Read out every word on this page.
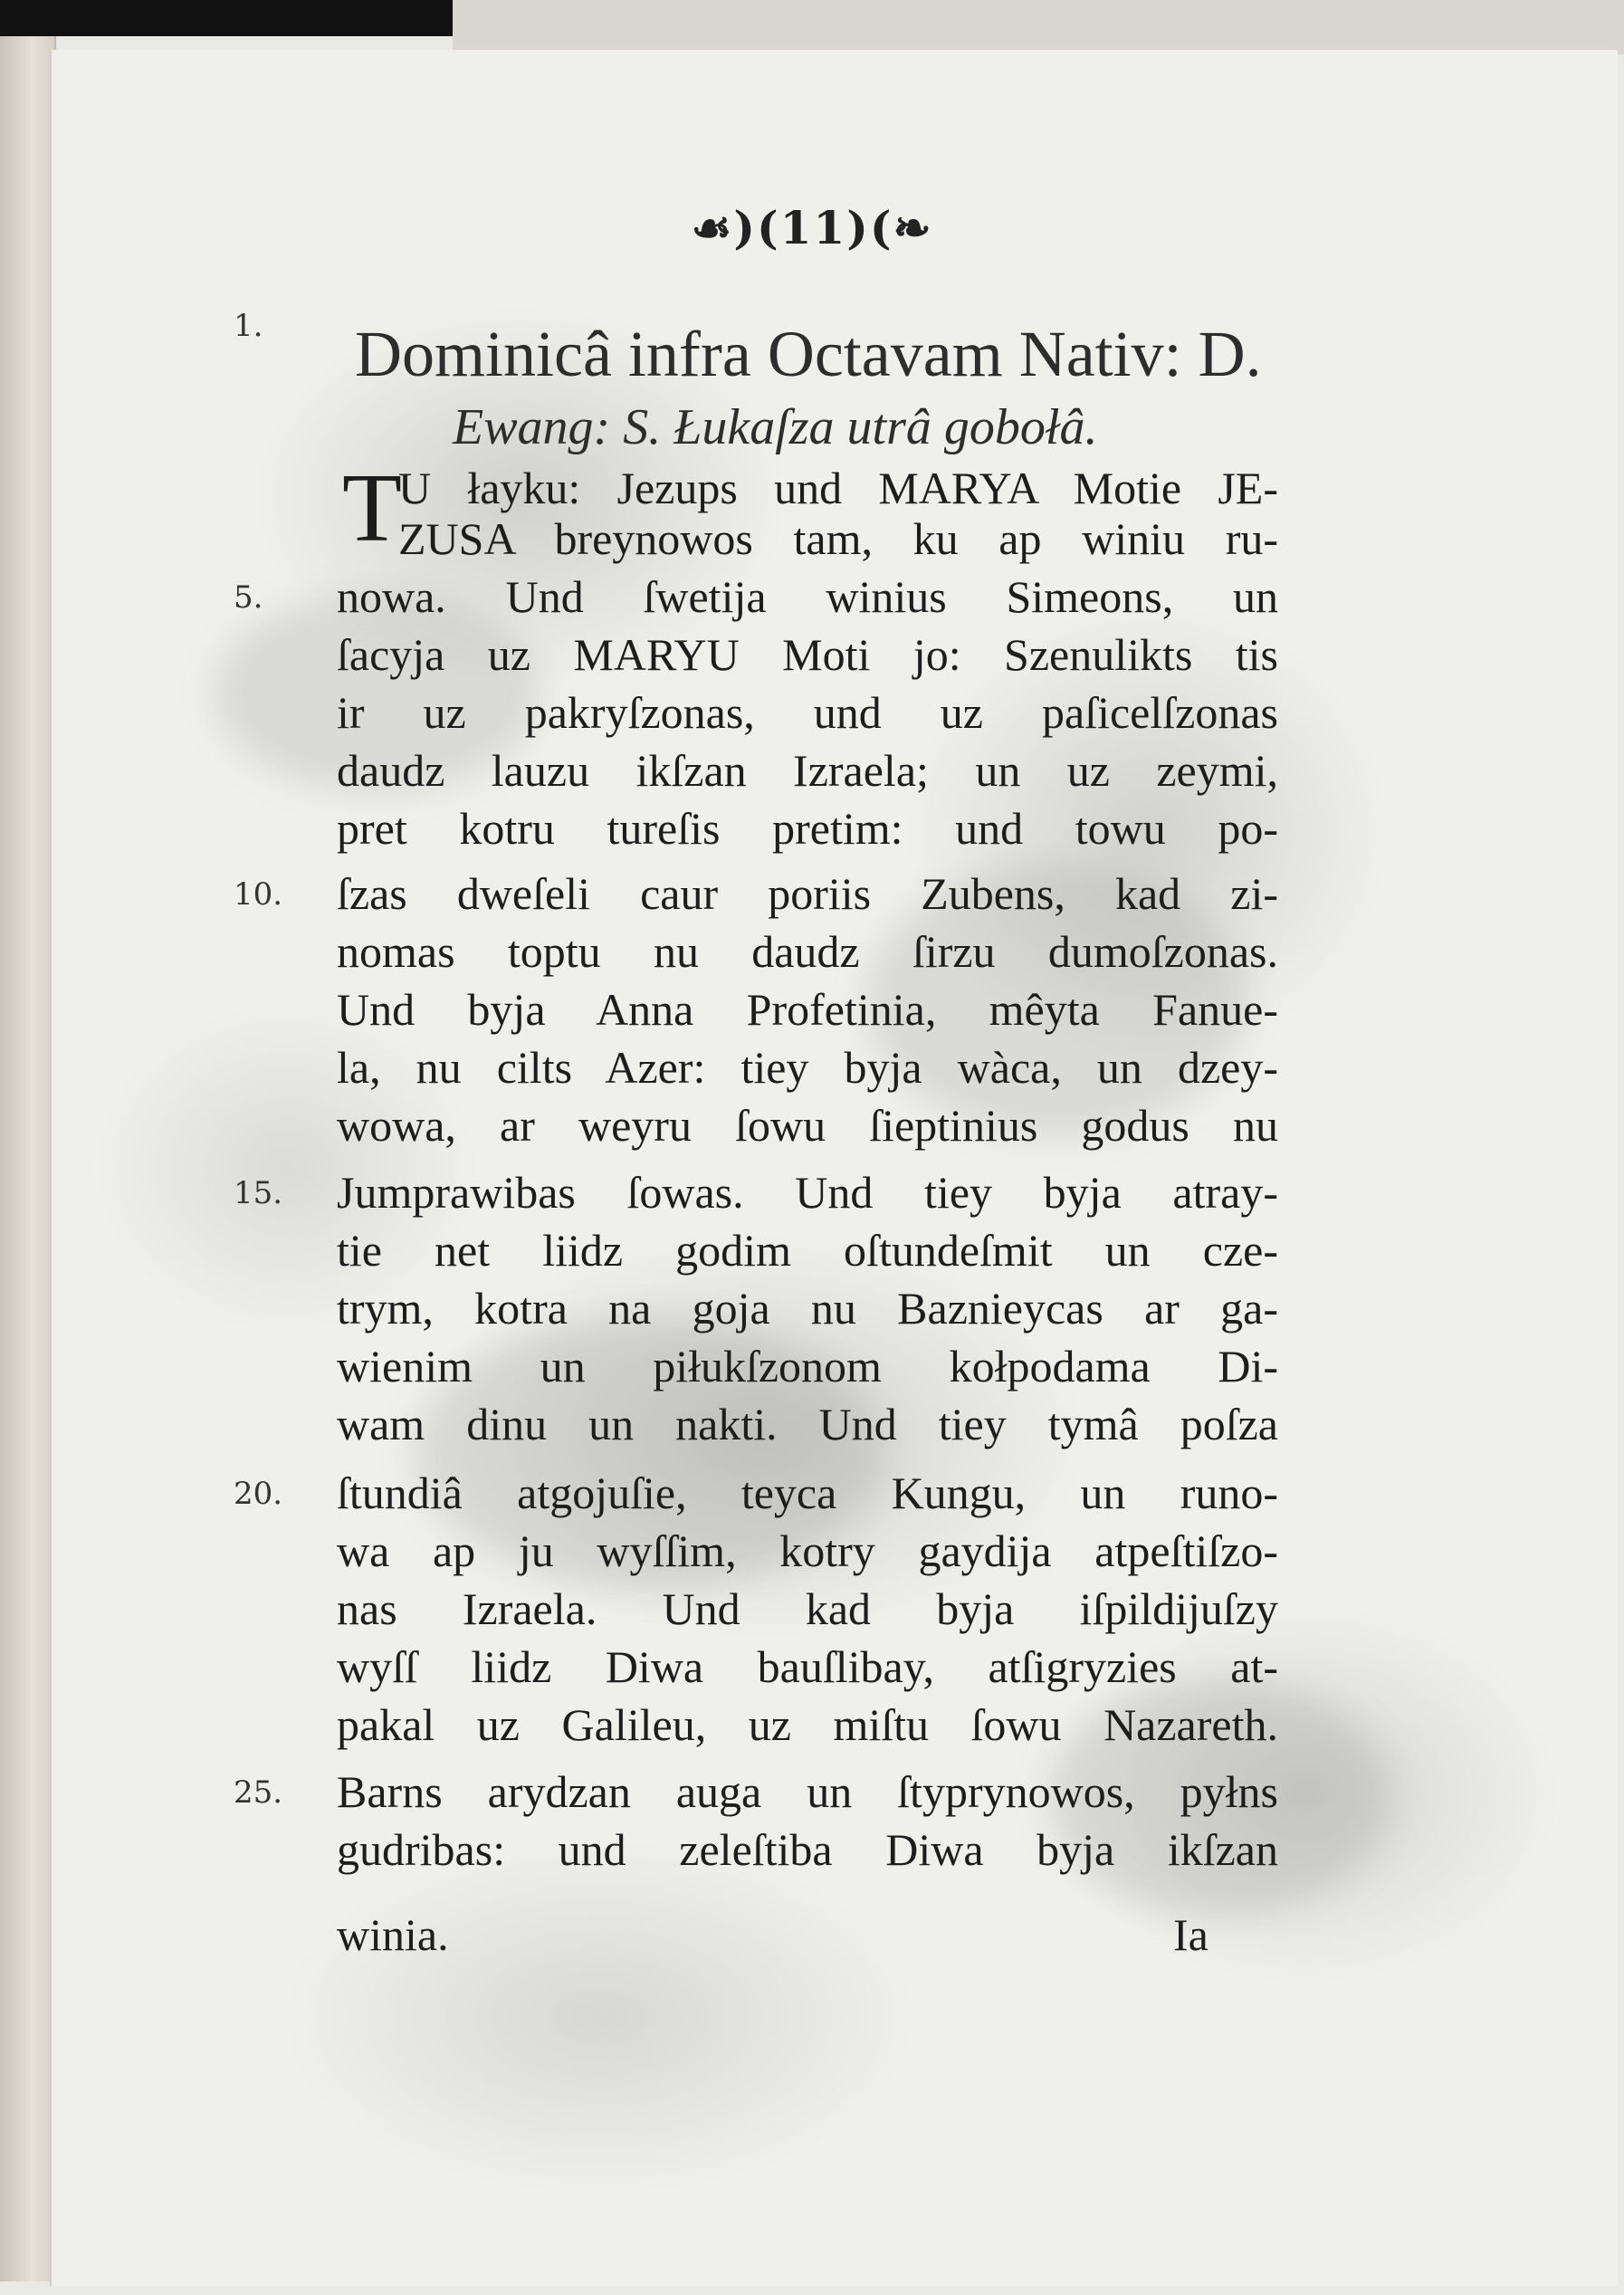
☙)(11)(❧
1. Dominicâ infra Octavam Nativ: D.
Ewang: S. Łukaſza utrâ gobołâ.
T
U łayku: Jezups und MARYA Motie JE-
ZUSA breynowos tam, ku ap winiu ru-
5. nowa. Und ſwetija winius Simeons, un
ſacyja uz MARYU Moti jo: Szenulikts tis
ir uz pakryſzonas, und uz paſicelſzonas
daudz lauzu ikſzan Izraela; un uz zeymi,
pret kotru tureſis pretim: und towu po-
10. ſzas dweſeli caur poriis Zubens, kad zi-
nomas toptu nu daudz ſirzu dumoſzonas.
Und byja Anna Profetinia, mêyta Fanue-
la, nu cilts Azer: tiey byja wàca, un dzey-
wowa, ar weyru ſowu ſieptinius godus nu
15. Jumprawibas ſowas. Und tiey byja atray-
tie net liidz godim oſtundeſmit un cze-
trym, kotra na goja nu Baznieycas ar ga-
wienim un piłukſzonom kołpodama Di-
wam dinu un nakti. Und tiey tymâ poſza
20. ſtundiâ atgojuſie, teyca Kungu, un runo-
wa ap ju wyſſim, kotry gaydija atpeſtiſzo-
nas Izraela. Und kad byja iſpildijuſzy
wyſſ liidz Diwa bauſlibay, atſigryzies at-
pakal uz Galileu, uz miſtu ſowu Nazareth.
25. Barns arydzan auga un ſtyprynowos, pyłns
gudribas: und zeleſtiba Diwa byja ikſzan
winia.	Ia
